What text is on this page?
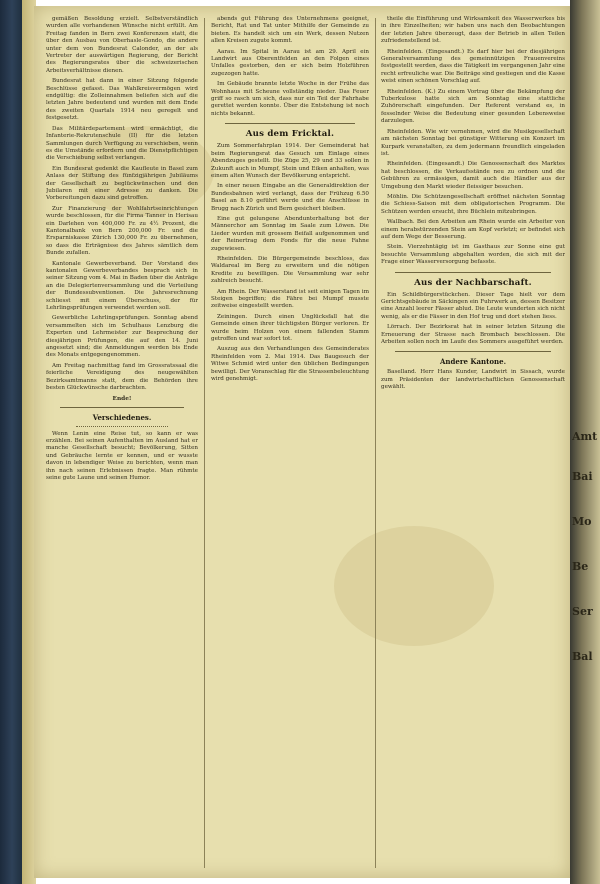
gemäßen Besoldung erzielt. Selbstverständlich wurden alle vorhandenen Wünsche nicht erfüllt. Am Freitag fanden in Bern zwei Konferenzen statt, die über den Ausbau von Oberhasle-Gondo, die andere unter dem von Bundesrat Calonder, an der als Vertreter der auswärtigen Regierung, der Bericht des Regierungsrates über die schweizerischen Arbeitsverhältnisse dienen.

Bundesrat hat dann in einer Sitzung folgende Beschlüsse gefasst. Das Wahlkreisvermögen wird endgültig: die Zolleinnahmen beliefen sich auf die letzten Jahre bedeutend und wurden mit dem Ende des zweiten Quartals 1914 neu geregelt und festgesetzt.

Das Militärdepartement wird ermächtigt, die Infanterie-Rekrutenschule (II) für die letzten Sammlungen durch Verfügung zu verschieben, wenn es die Umstände erfordern und die Dienstpflichtigen die Verschiebung selbst verlangen.

Ein Bundesrat gedenkt die Kaufleute in Basel zum Anlass der Stiftung des fünfzigjährigen Jubiläums der Gesellschaft zu beglückwünschen und den Jubilaren mit einer Adresse zu danken. Die Vorbereitungen dazu sind getroffen.

Zur Finanzierung der Wohlfahrtseinrichtungen wurde beschlossen, für die Firma Tanner in Herisau ein Darlehen von 400,000 Fr. zu 4½ Prozent, die Kantonalbank von Bern 200,000 Fr. und die Ersparniskasse Zürich 130,000 Fr. zu übernehmen, so dass die Erträgnisse des Jahres sämtlich dem Bunde zufallen.

Kantonale Gewerbeverband. Der Vorstand des kantonalen Gewerbeverbandes besprach sich in seiner Sitzung vom 4. Mai in Baden über die Anträge an die Delegiertenversammlung und die Verteilung der Bundessubventionen. Die Jahresrechnung schliesst mit einem Überschuss, der für Lehrlingsprüfungen verwendet werden soll.

Gewerbliche Lehrlingsprüfungen. Sonntag abend versammelten sich im Schulhaus Lenzburg die Experten und Lehrmeister zur Besprechung der diesjährigen Prüfungen, die auf den 14. Juni angesetzt sind; die Anmeldungen werden bis Ende des Monats entgegengenommen.

Am Freitag nachmittag fand im Grossratssaal die feierliche Vereidigung des neugewählten Bezirksamtmanns statt, dem die Behörden ihre besten Glückwünsche darbrachten.

Ende!
Verschiedenes.

Wenn Lenin eine Reise tut, so kann er was erzählen. Bei seinen Aufenthalten im Ausland hat er manche Gesellschaft besucht; Bevölkerung, Sitten und Gebräuche lernte er kennen, und er wusste davon in lebendiger Weise zu berichten, wenn man ihn nach seinen Erlebnissen fragte. Man rühmte seine gute Laune und seinen Humor.

abends gut Führung des Unternehmens geeignet, Bericht, Rat und Tat unter Mithilfe der Gemeinde zu bieten. Es handelt sich um ein Werk, dessen Nutzen allen Kreisen zugute kommt.

Aarau. Im Spital in Aarau ist am 29. April ein Landwirt aus Oberentfelden an den Folgen eines Unfalles gestorben, den er sich beim Holzführen zugezogen hatte.

Im Gebäude brannte letzte Woche in der Frühe das Wohnhaus mit Scheune vollständig nieder. Das Feuer griff so rasch um sich, dass nur ein Teil der Fahrhabe gerettet werden konnte. Über die Entstehung ist noch nichts bekannt.

Aus dem Fricktal.

Zum Sommerfahrplan 1914. Der Gemeinderat hat beim Regierungsrat das Gesuch um Einlage eines Abendzuges gestellt. Die Züge 25, 29 und 33 sollen in Zukunft auch in Mumpf, Stein und Eiken anhalten, was einem alten Wunsch der Bevölkerung entspricht.

In einer neuen Eingabe an die Generaldirektion der Bundesbahnen wird verlangt, dass der Frühzug 6.50 Basel an 8.10 geführt werde und die Anschlüsse in Brugg nach Zürich und Bern gesichert bleiben.

Eine gut gelungene Abendunterhaltung bot der Männerchor am Sonntag im Saale zum Löwen. Die Lieder wurden mit grossem Beifall aufgenommen und der Reinertrag dem Fonds für die neue Fahne zugewiesen.

Rheinfelden. Die Bürgergemeinde beschloss, das Waldareal im Berg zu erweitern und die nötigen Kredite zu bewilligen. Die Versammlung war sehr zahlreich besucht.

Am Rhein. Der Wasserstand ist seit einigen Tagen im Steigen begriffen; die Fähre bei Mumpf musste zeitweise eingestellt werden.

Zeiningen. Durch einen Unglücksfall hat die Gemeinde einen ihrer tüchtigsten Bürger verloren. Er wurde beim Holzen von einem fallenden Stamm getroffen und war sofort tot.

Auszug aus den Verhandlungen des Gemeinderates Rheinfelden vom 2. Mai 1914. Das Baugesuch der Witwe Schmid wird unter den üblichen Bedingungen bewilligt. Der Voranschlag für die Strassenbeleuchtung wird genehmigt.

theile die Einführung und Wirksamkeit des Wasserwerkes bis in ihre Einzelheiten; wir haben uns nach den Beobachtungen der letzten Jahre überzeugt, dass der Betrieb in allen Teilen zufriedenstellend ist.

Rheinfelden. (Eingesandt.) Es darf hier bei der diesjährigen Generalversammlung des gemeinnützigen Frauenvereins festgestellt werden, dass die Tätigkeit im vergangenen Jahr eine recht erfreuliche war. Die Beiträge sind gestiegen und die Kasse weist einen schönen Vorschlag auf.

Rheinfelden. (K.) Zu einem Vortrag über die Bekämpfung der Tuberkulose hatte sich am Sonntag eine stattliche Zuhörerschaft eingefunden. Der Referent verstand es, in fesselnder Weise die Bedeutung einer gesunden Lebensweise darzulegen.

Rheinfelden. Wie wir vernehmen, wird die Musikgesellschaft am nächsten Sonntag bei günstiger Witterung ein Konzert im Kurpark veranstalten, zu dem jedermann freundlich eingeladen ist.

Rheinfelden. (Eingesandt.) Die Genossenschaft des Marktes hat beschlossen, die Verkaufsstände neu zu ordnen und die Gebühren zu ermässigen, damit auch die Händler aus der Umgebung den Markt wieder fleissiger besuchen.

Möhlin. Die Schützengesellschaft eröffnet nächsten Sonntag die Schiess-Saison mit dem obligatorischen Programm. Die Schützen werden ersucht, ihre Büchlein mitzubringen.

Wallbach. Bei den Arbeiten am Rhein wurde ein Arbeiter von einem herabstürzenden Stein am Kopf verletzt; er befindet sich auf dem Wege der Besserung.

Stein. Vierzehntägig ist im Gasthaus zur Sonne eine gut besuchte Versammlung abgehalten worden, die sich mit der Frage einer Wasserversorgung befasste.

Aus der Nachbarschaft.

Ein Schildbürgerstückchen. Dieser Tage hielt vor dem Gerichtsgebäude in Säckingen ein Fuhrwerk an, dessen Besitzer eine Anzahl leerer Fässer ablud. Die Leute wunderten sich nicht wenig, als er die Fässer in den Hof trug und dort stehen liess.

Lörrach. Der Bezirksrat hat in seiner letzten Sitzung die Erneuerung der Strasse nach Brombach beschlossen. Die Arbeiten sollen noch im Laufe des Sommers ausgeführt werden.

Andere Kantone.

Baselland. Herr Hans Kunder, Landwirt in Sissach, wurde zum Präsidenten der landwirtschaftlichen Genossenschaft gewählt.

Amt
Bai
Mo
Be
Ser
Bal
